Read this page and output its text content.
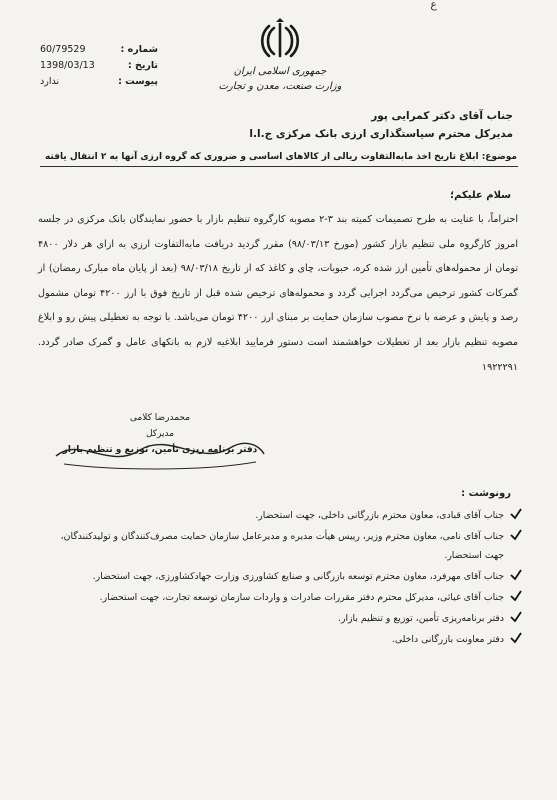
ع
جمهوری اسلامی ایران
وزارت صنعت، معدن و تجارت
60/79529	شماره :
1398/03/13	تاریخ :
ندارد	پیوست :
جناب آقای دکتر کمرایی پور
مدیرکل محترم سیاستگذاری ارزی بانک مرکزی ج.ا.ا
موضوع: ابلاغ تاریخ اخذ مابه‌التفاوت ریالی از کالاهای اساسی و ضروری که گروه ارزی آنها به ۲ انتقال یافته
سلام علیکم؛
احتراماً، با عنایت به طرح تصمیمات کمیته بند ۳-۲ مصوبه کارگروه تنظیم بازار با حضور نمایندگان بانک مرکزی در جلسه امروز کارگروه ملی تنظیم بازار کشور (مورخ ۹۸/۰۳/۱۳) مقرر گردید دریافت مابه‌التفاوت ارزی به ازای هر دلار ۴۸۰۰ تومان از محموله‌های تأمین ارز شده کره، حبوبات، چای و کاغذ که از تاریخ ۹۸/۰۳/۱۸ (بعد از پایان ماه مبارک رمضان) از گمرکات کشور ترخیص می‌گردد اجرایی گردد و محموله‌های ترخیص شده قبل از تاریخ فوق با ارز ۴۲۰۰ تومان مشمول رصد و پایش و عرضه با نرخ مصوب سازمان حمایت بر مبنای ارز ۴۲۰۰ تومان می‌باشد. با توجه به تعطیلی پیش رو و ابلاغ مصوبه تنظیم بازار بعد از تعطیلات خواهشمند است دستور فرمایید ابلاغیه لازم به بانکهای عامل و گمرک صادر گردد. ۱۹۲۲۲۹۱
محمدرضا کلامی
مدیرکل
دفتر برنامه ریزی تأمین، توزیع و تنظیم بازار
رونوشت :
جناب آقای قبادی، معاون محترم بازرگانی داخلی، جهت استحضار.
جناب آقای نامی، معاون محترم وزیر، رییس هیأت مدیره و مدیرعامل سازمان حمایت مصرف‌کنندگان و تولیدکنندگان، جهت استحضار.
جناب آقای مهرفرد، معاون محترم توسعه بازرگانی و صنایع کشاورزی وزارت جهادکشاورزی، جهت استحضار.
جناب آقای غیاثی، مدیرکل محترم دفتر مقررات صادرات و واردات سازمان توسعه تجارت، جهت استحضار.
دفتر برنامه‌ریزی تأمین، توزیع و تنظیم بازار.
دفتر معاونت بازرگانی داخلی.
